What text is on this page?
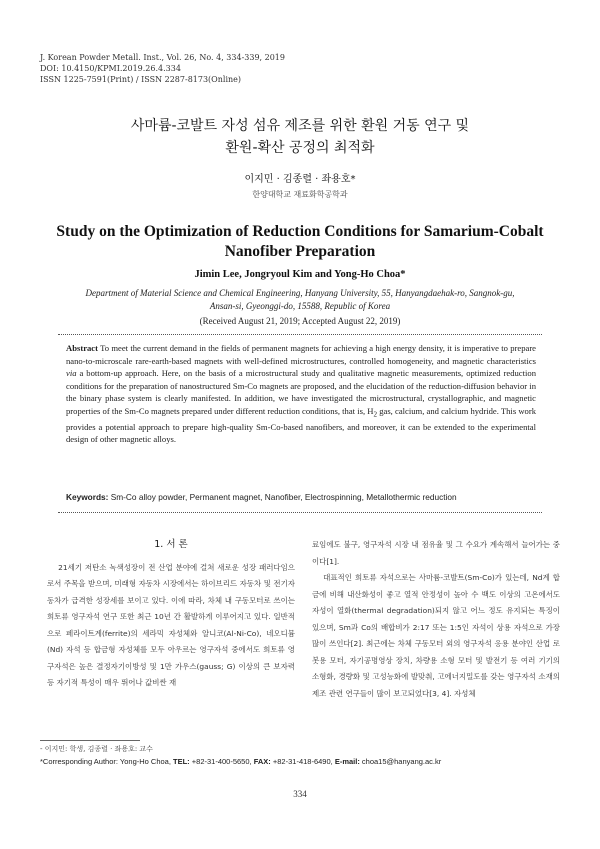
J. Korean Powder Metall. Inst., Vol. 26, No. 4, 334-339, 2019
DOI: 10.4150/KPMI.2019.26.4.334
ISSN 1225-7591(Print) / ISSN 2287-8173(Online)
사마륨-코발트 자성 섬유 제조를 위한 환원 거동 연구 및
환원-확산 공정의 최적화
이지민 · 김종렬 · 좌용호*
한양대학교 재료화학공학과
Study on the Optimization of Reduction Conditions for Samarium-Cobalt
Nanofiber Preparation
Jimin Lee, Jongryoul Kim and Yong-Ho Choa*
Department of Material Science and Chemical Engineering, Hanyang University, 55, Hanyangdaehak-ro, Sangnok-gu,
Ansan-si, Gyeonggi-do, 15588, Republic of Korea
(Received August 21, 2019; Accepted August 22, 2019)
Abstract To meet the current demand in the fields of permanent magnets for achieving a high energy density, it is imperative to prepare nano-to-microscale rare-earth-based magnets with well-defined microstructures, controlled homogeneity, and magnetic characteristics via a bottom-up approach. Here, on the basis of a microstructural study and qualitative magnetic measurements, optimized reduction conditions for the preparation of nanostructured Sm-Co magnets are proposed, and the elucidation of the reduction-diffusion behavior in the binary phase system is clearly manifested. In addition, we have investigated the microstructural, crystallographic, and magnetic properties of the Sm-Co magnets prepared under different reduction conditions, that is, $H_2$ gas, calcium, and calcium hydride. This work provides a potential approach to prepare high-quality Sm-Co-based nanofibers, and moreover, it can be extended to the experimental design of other magnetic alloys.
Keywords: Sm-Co alloy powder, Permanent magnet, Nanofiber, Electrospinning, Metallothermic reduction
1. 서 론

21세기 저탄소 녹색성장이 전 산업 분야에 걸쳐 새로운 성장 패러다임으로서 주목을 받으며, 미래형 자동차 시장에서는 하이브리드 자동차 및 전기자동차가 급격한 성장세를 보이고 있다. 이에 따라, 차체 내 구동모터로 쓰이는 희토류 영구자석 연구 또한 최근 10년 간 활발하게 이루어지고 있다. 일반적으로 페라이트계(ferrite)의 세라믹 자성체와 알니코(Al-Ni-Co), 네오디뮴(Nd) 자석 등 합금형 자성체를 모두 아우르는 영구자석 중에서도 희토류 영구자석은 높은 결정자기이방성 및 1만 가우스(gauss; G) 이상의 큰 보자력 등 자기적 특성이 매우 뛰어나 값비싼 재

료임에도 불구, 영구자석 시장 내 점유율 및 그 수요가 계속해서 늘어가는 중이다[1].

대표적인 희토류 자석으로는 사마륨-코발트(Sm-Co)가 있는데, Nd계 합금에 비해 내산화성이 좋고 열적 안정성이 높아 수 백도 이상의 고온에서도 자성이 열화(thermal degradation)되지 않고 어느 정도 유지되는 특징이 있으며, Sm과 Co의 배합비가 2:17 또는 1:5인 자석이 상용 자석으로 가장 많이 쓰인다[2]. 최근에는 차체 구동모터 외의 영구자석 응용 분야인 산업 로봇용 모터, 자기공명영상 장치, 차량용 소형 모터 및 발전기 등 여러 기기의 소형화, 경량화 및 고성능화에 발맞춰, 고에너지밀도를 갖는 영구자석 소재의 제조 관련 연구들이 많이 보고되었다[3, 4]. 자성체

- 이지민: 학생, 김종렬 · 좌용호: 교수
*Corresponding Author: Yong-Ho Choa, TEL: +82-31-400-5650, FAX: +82-31-418-6490, E-mail: choa15@hanyang.ac.kr
334
